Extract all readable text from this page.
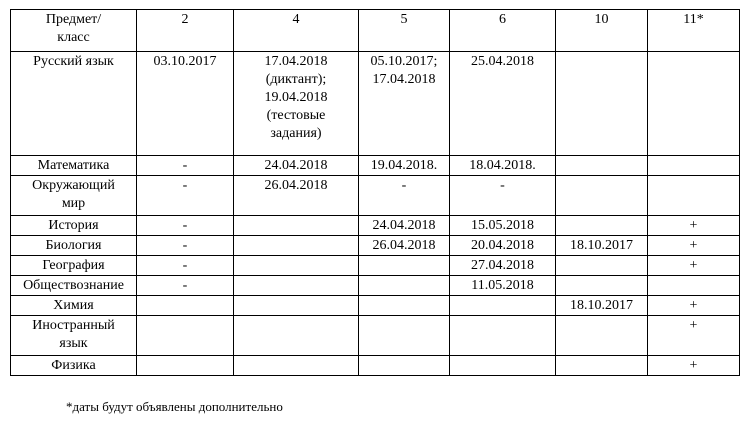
Предмет/
класс	2	4	5	6	10	11*
Русский язык	03.10.2017	17.04.2018
(диктант);
19.04.2018
(тестовые
задания)	05.10.2017;
17.04.2018	25.04.2018		
Математика	-	24.04.2018	19.04.2018.	18.04.2018.		
Окружающий
мир	-	26.04.2018	-	-		
История	-		24.04.2018	15.05.2018		+
Биология	-		26.04.2018	20.04.2018	18.10.2017	+
География	-			27.04.2018		+
Обществознание	-			11.05.2018		
Химия					18.10.2017	+
Иностранный
язык						+
Физика						+
*даты будут объявлены дополнительно
